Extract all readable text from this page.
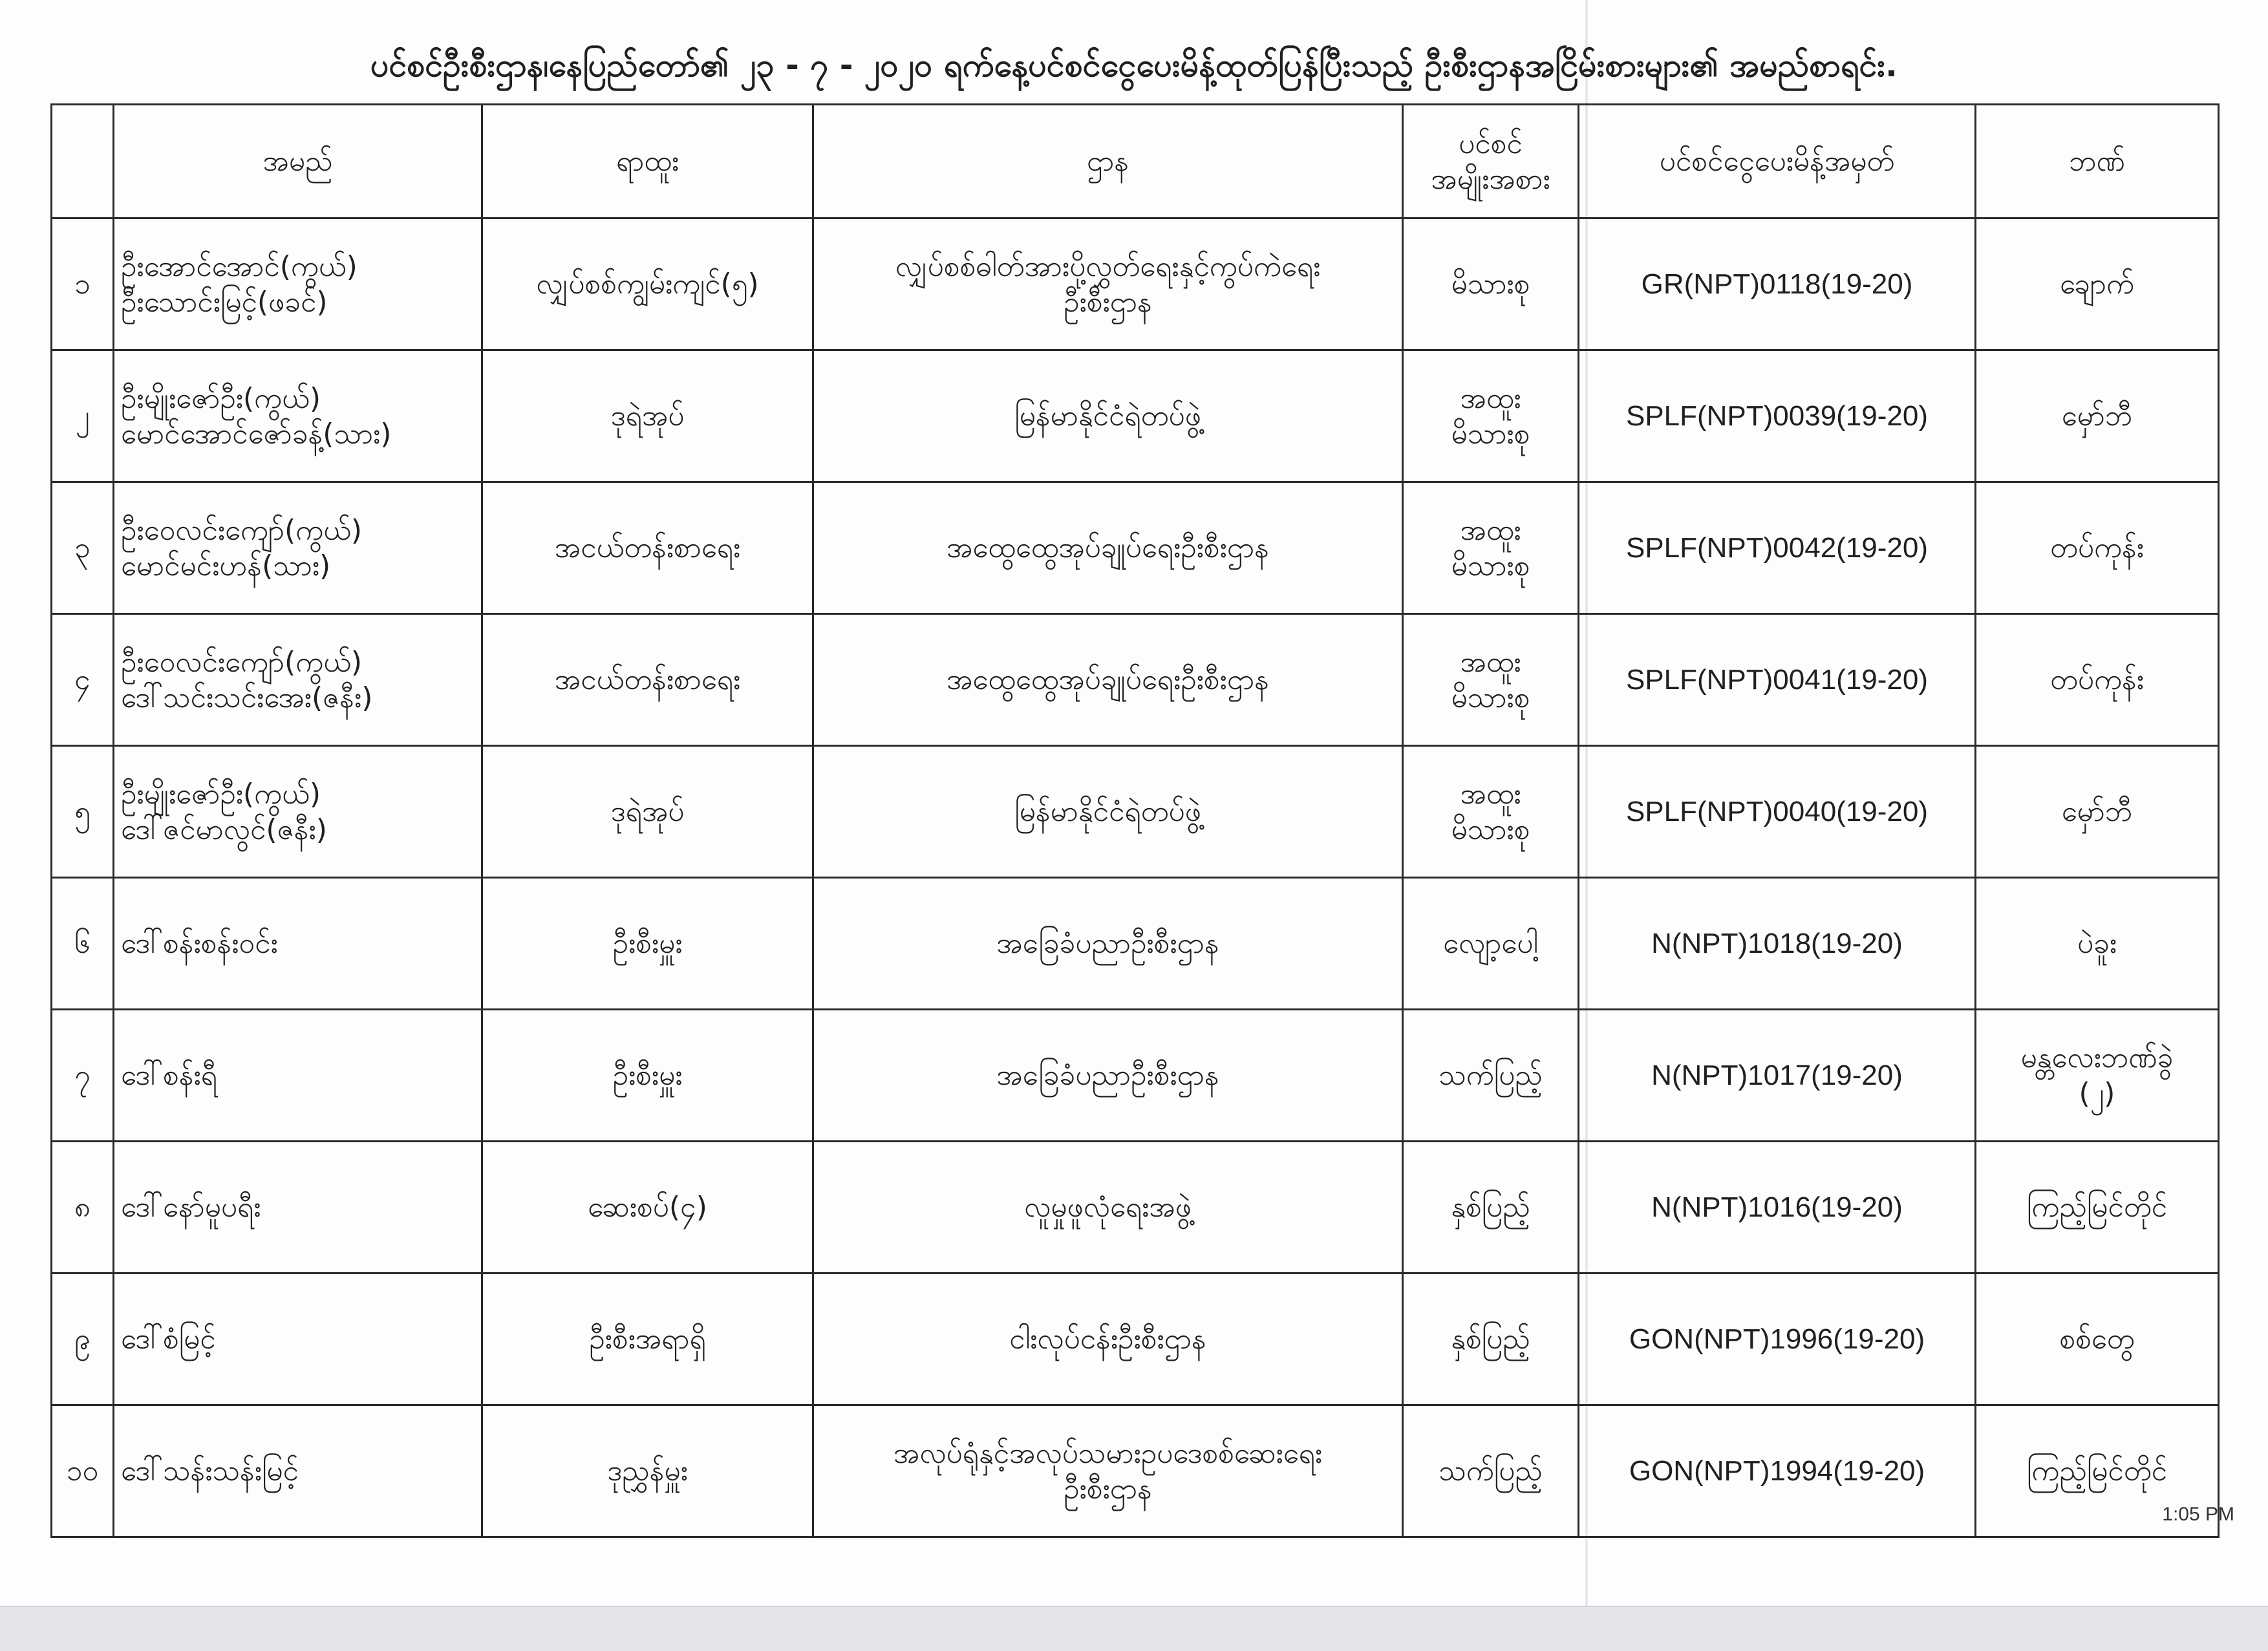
ပင်စင်ဦးစီးဌာန၊နေပြည်တော်၏ ၂၃ - ၇ - ၂၀၂၀ ရက်နေ့ပင်စင်ငွေပေးမိန့်ထုတ်ပြန်ပြီးသည့် ဦးစီးဌာနအငြိမ်းစားများ၏ အမည်စာရင်း.
	အမည်	ရာထူး	ဌာန	ပင်စင်
အမျိုးအစား	ပင်စင်ငွေပေးမိန့်အမှတ်	ဘဏ်
၁	ဦးအောင်အောင်(ကွယ်)
ဦးသောင်းမြင့်(ဖခင်)	လျှပ်စစ်ကျွမ်းကျင်(၅)	လျှပ်စစ်ဓါတ်အားပို့လွှတ်ရေးနှင့်ကွပ်ကဲရေး
ဦးစီးဌာန	မိသားစု	GR(NPT)0118(19-20)	ချောက်

၂	ဦးမျိုးဇော်ဦး(ကွယ်)
မောင်အောင်ဇော်ခန့်(သား)	ဒုရဲအုပ်	မြန်မာနိုင်ငံရဲတပ်ဖွဲ့	အထူး
မိသားစု	SPLF(NPT)0039(19-20)	မှော်ဘီ

၃	ဦးဝေလင်းကျော်(ကွယ်)
မောင်မင်းဟန်(သား)	အငယ်တန်းစာရေး	အထွေထွေအုပ်ချုပ်ရေးဦးစီးဌာန	အထူး
မိသားစု	SPLF(NPT)0042(19-20)	တပ်ကုန်း

၄	ဦးဝေလင်းကျော်(ကွယ်)
ဒေါ်သင်းသင်းအေး(ဇနီး)	အငယ်တန်းစာရေး	အထွေထွေအုပ်ချုပ်ရေးဦးစီးဌာန	အထူး
မိသားစု	SPLF(NPT)0041(19-20)	တပ်ကုန်း

၅	ဦးမျိုးဇော်ဦး(ကွယ်)
ဒေါ်ဇင်မာလွင်(ဇနီး)	ဒုရဲအုပ်	မြန်မာနိုင်ငံရဲတပ်ဖွဲ့	အထူး
မိသားစု	SPLF(NPT)0040(19-20)	မှော်ဘီ

၆	ဒေါ်စန်းစန်းဝင်း	ဦးစီးမှူး	အခြေခံပညာဦးစီးဌာန	လျော့ပေါ့	N(NPT)1018(19-20)	ပဲခူး

၇	ဒေါ်စန်းရီ	ဦးစီးမှူး	အခြေခံပညာဦးစီးဌာန	သက်ပြည့်	N(NPT)1017(19-20)	မန္တလေးဘဏ်ခွဲ
(၂)

၈	ဒေါ်နော်မူပရီး	ဆေးစပ်(၄)	လူမှုဖူလုံရေးအဖွဲ့	နှစ်ပြည့်	N(NPT)1016(19-20)	ကြည့်မြင်တိုင်

၉	ဒေါ်စံမြင့်	ဦးစီးအရာရှိ	ငါးလုပ်ငန်းဦးစီးဌာန	နှစ်ပြည့်	GON(NPT)1996(19-20)	စစ်တွေ

၁၀	ဒေါ်သန်းသန်းမြင့်	ဒုညွှန်မှူး	အလုပ်ရုံနှင့်အလုပ်သမားဥပဒေစစ်ဆေးရေး
ဦးစီးဌာန	သက်ပြည့်	GON(NPT)1994(19-20)	ကြည့်မြင်တိုင်
1:05 PM
